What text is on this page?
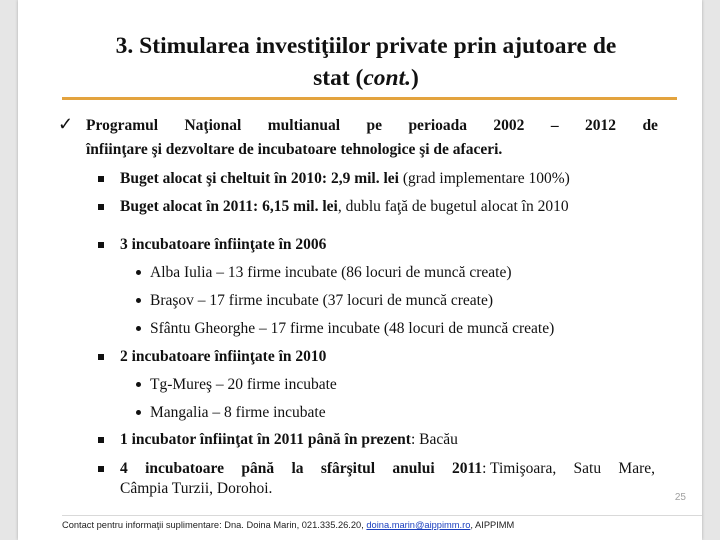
3. Stimularea investiţiilor private prin ajutoare de
stat (cont.)
✓ Programul Naţional multianual pe perioada 2002 – 2012 de
înfiinţare şi dezvoltare de incubatoare tehnologice şi de afaceri.
Buget alocat şi cheltuit în 2010: 2,9 mil. lei (grad implementare 100%)
Buget alocat în 2011: 6,15 mil. lei, dublu faţă de bugetul alocat în 2010
3 incubatoare înfiinţate în 2006
Alba Iulia – 13 firme incubate (86 locuri de muncă create)
Braşov – 17 firme incubate (37 locuri de muncă create)
Sfântu Gheorghe – 17 firme incubate (48 locuri de muncă create)
2 incubatoare înfiinţate în 2010
Tg-Mureş – 20 firme incubate
Mangalia – 8 firme incubate
1 incubator înfiinţat în 2011 până în prezent: Bacău
4 incubatoare până la sfârşitul anului 2011: Timişoara, Satu Mare,
Câmpia Turzii, Dorohoi.
25
Contact pentru informaţii suplimentare: Dna. Doina Marin, 021.335.26.20, doina.marin@aippimm.ro, AIPPIMM
